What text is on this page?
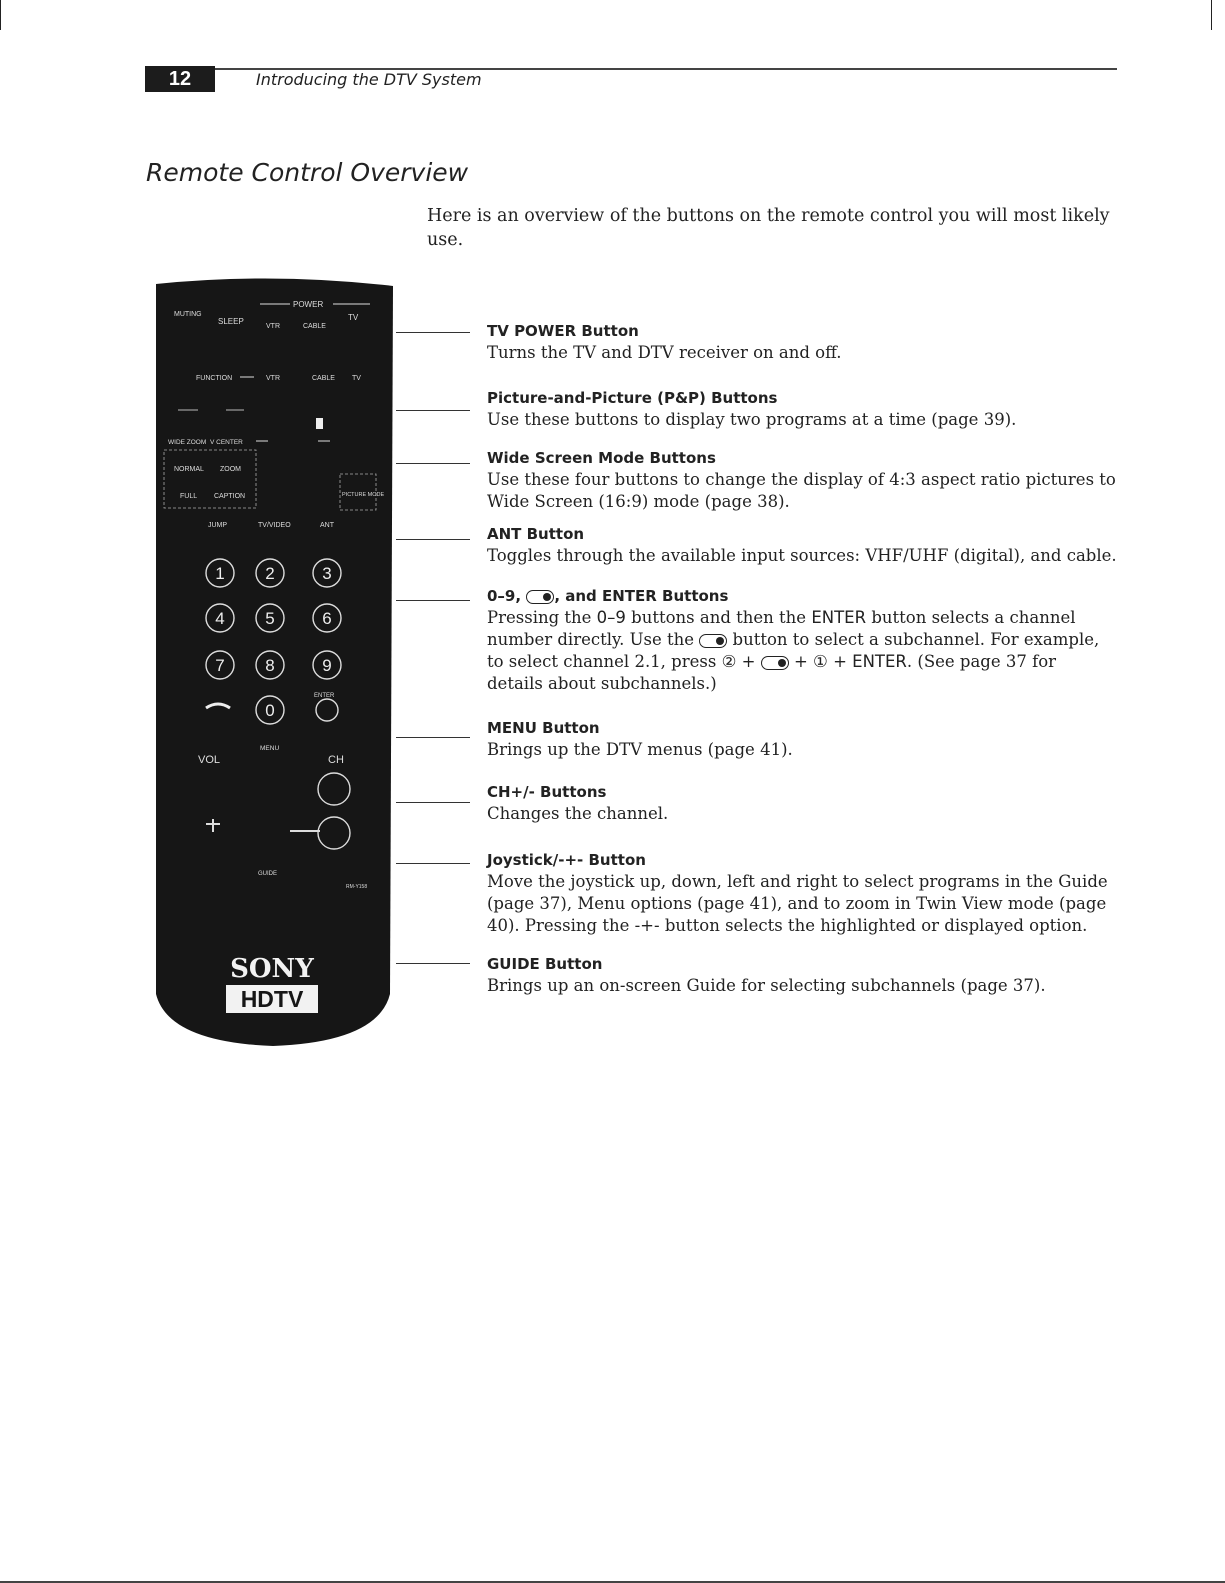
12	Introducing the DTV System
Remote Control Overview
Here is an overview of the buttons on the remote control you will most likely use.
MUTING
SLEEP
POWER
VTR	CABLE
TV
FUNCTION	VTR	CABLE TV
WIDE ZOOM V CENTER
NORMAL ZOOM
FULL CAPTION	PICTURE MODE
JUMP	TV/VIDEO	ANT
1 2	3
4 5	6
7 8	9
0
ENTER
MENU
VOL	CH
GUIDE
RM-Y158
SONY
HDTV
TV POWER Button
Turns the TV and DTV receiver on and off.
Picture-and-Picture (P&P) Buttons
Use these buttons to display two programs at a time (page 39).
Wide Screen Mode Buttons
Use these four buttons to change the display of 4:3 aspect ratio pictures to Wide Screen (16:9) mode (page 38).
ANT Button
Toggles through the available input sources: VHF/UHF (digital), and cable.
0–9, , and ENTER Buttons
Pressing the 0–9 buttons and then the ENTER button selects a channel number directly. Use the  button to select a subchannel. For example, to select channel 2.1, press ② +  + ① + ENTER. (See page 37 for details about subchannels.)
MENU Button
Brings up the DTV menus (page 41).
CH+/- Buttons
Changes the channel.
Joystick/-+- Button
Move the joystick up, down, left and right to select programs in the Guide (page 37), Menu options (page 41), and to zoom in Twin View mode (page 40). Pressing the -+- button selects the highlighted or displayed option.
GUIDE Button
Brings up an on-screen Guide for selecting subchannels (page 37).
